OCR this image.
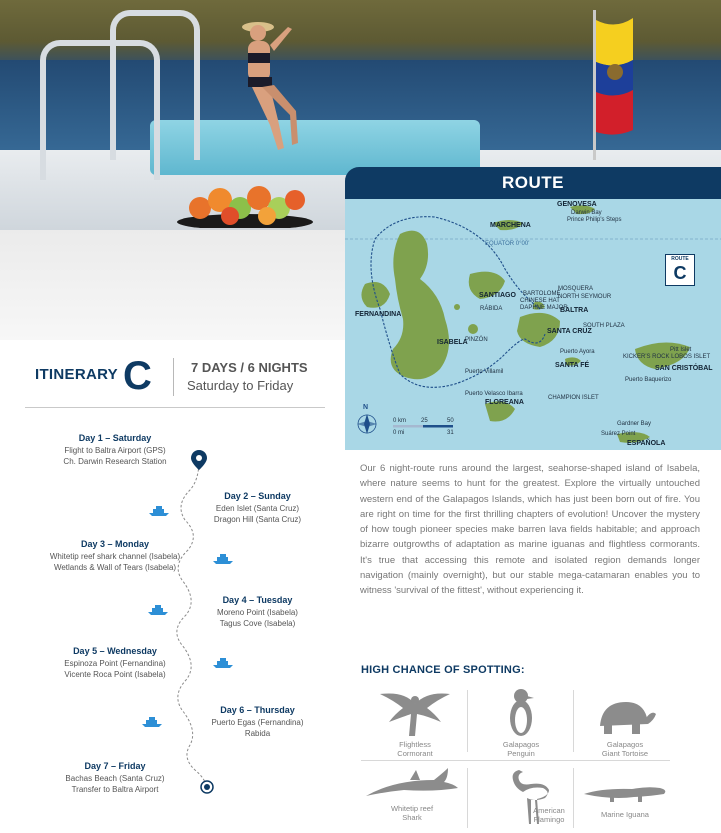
ROUTE
GENOVESA
Darwin Bay
Prince Philip's Steps
MARCHENA
EQUATOR 0°00'
SANTIAGO BARTOLOMÉ
CHINESE HAT
NORTH SEYMOUR
MOSQUERA
BALTRA
DAPHNE MAJOR
RÁBIDA
SANTA CRUZ
SOUTH PLAZA
Puerto Ayora
PINZÓN
SANTA FÉ
ISABELA
FERNANDINA
Puerto Villamil
KICKER'S ROCK LOBOS ISLET
Pitt Islet
SAN CRISTÓBAL
Puerto Baquerizo
CHAMPION ISLET
Puerto Velasco Ibarra
FLOREANA
Gardner Bay
Suárez Point
ESPAÑOLA
N
0 km 25	50
0 mi	31
ROUTE
C
ITINERARY C	7 DAYS / 6 NIGHTS
Saturday to Friday
Day 1 – Saturday
Flight to Baltra Airport (GPS)
Ch. Darwin Research Station
Day 2 – Sunday
Eden Islet (Santa Cruz)
Dragon Hill (Santa Cruz)
Day 3 – Monday
Whitetip reef shark channel (Isabela)
Wetlands & Wall of Tears (Isabela)
Day 4 – Tuesday
Moreno Point (Isabela)
Tagus Cove (Isabela)
Day 5 – Wednesday
Espinoza Point (Fernandina)
Vicente Roca Point (Isabela)
Day 6 – Thursday
Puerto Egas (Fernandina)
Rabida
Day 7 – Friday
Bachas Beach (Santa Cruz)
Transfer to Baltra Airport
Our 6 night-route runs around the largest, seahorse-shaped island of Isabela, where nature seems to hunt for the greatest. Explore the virtually untouched western end of the Galapagos Islands, which has just been born out of fire. You are right on time for the first thrilling chapters of evolution! Uncover the mystery of how tough pioneer species make barren lava fields habitable; and approach bizarre outgrowths of adaptation as marine iguanas and flightless cormorants. It's true that accessing this remote and isolated region demands longer navigation (mainly overnight), but our stable mega-catamaran enables you to witness 'survival of the fittest', without experiencing it.
HIGH CHANCE OF SPOTTING:
Flightless
Cormorant
Galapagos
Penguin
Galapagos
Giant Tortoise
Whitetip reef
Shark
American
Flamingo
Marine Iguana
